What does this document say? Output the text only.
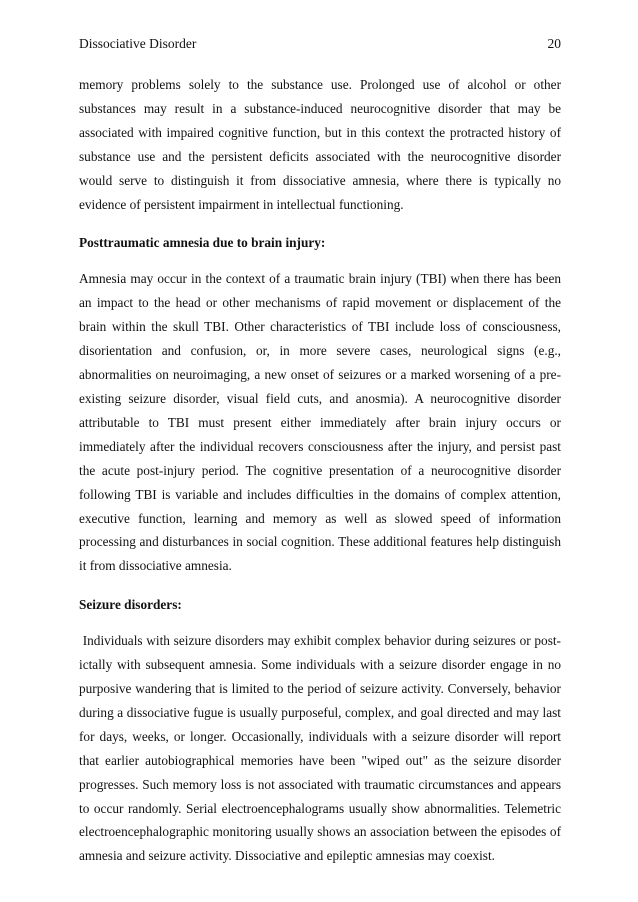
Dissociative Disorder	20

memory problems solely to the substance use. Prolonged use of alcohol or other substances may result in a substance-induced neurocognitive disorder that may be associated with impaired cognitive function, but in this context the protracted history of substance use and the persistent deficits associated with the neurocognitive disorder would serve to distinguish it from dissociative amnesia, where there is typically no evidence of persistent impairment in intellectual functioning.

Posttraumatic amnesia due to brain injury:

Amnesia may occur in the context of a traumatic brain injury (TBI) when there has been an impact to the head or other mechanisms of rapid movement or displacement of the brain within the skull TBI. Other characteristics of TBI include loss of consciousness, disorientation and confusion, or, in more severe cases, neurological signs (e.g., abnormalities on neuroimaging, a new onset of seizures or a marked worsening of a pre-existing seizure disorder, visual field cuts, and anosmia). A neurocognitive disorder attributable to TBI must present either immediately after brain injury occurs or immediately after the individual recovers consciousness after the injury, and persist past the acute post-injury period. The cognitive presentation of a neurocognitive disorder following TBI is variable and includes difficulties in the domains of complex attention, executive function, learning and memory as well as slowed speed of information processing and disturbances in social cognition. These additional features help distinguish it from dissociative amnesia.

Seizure disorders:

Individuals with seizure disorders may exhibit complex behavior during seizures or post-ictally with subsequent amnesia. Some individuals with a seizure disorder engage in no purposive wandering that is limited to the period of seizure activity. Conversely, behavior during a dissociative fugue is usually purposeful, complex, and goal directed and may last for days, weeks, or longer. Occasionally, individuals with a seizure disorder will report that earlier autobiographical memories have been "wiped out" as the seizure disorder progresses. Such memory loss is not associated with traumatic circumstances and appears to occur randomly. Serial electroencephalograms usually show abnormalities. Telemetric electroencephalographic monitoring usually shows an association between the episodes of amnesia and seizure activity. Dissociative and epileptic amnesias may coexist.
